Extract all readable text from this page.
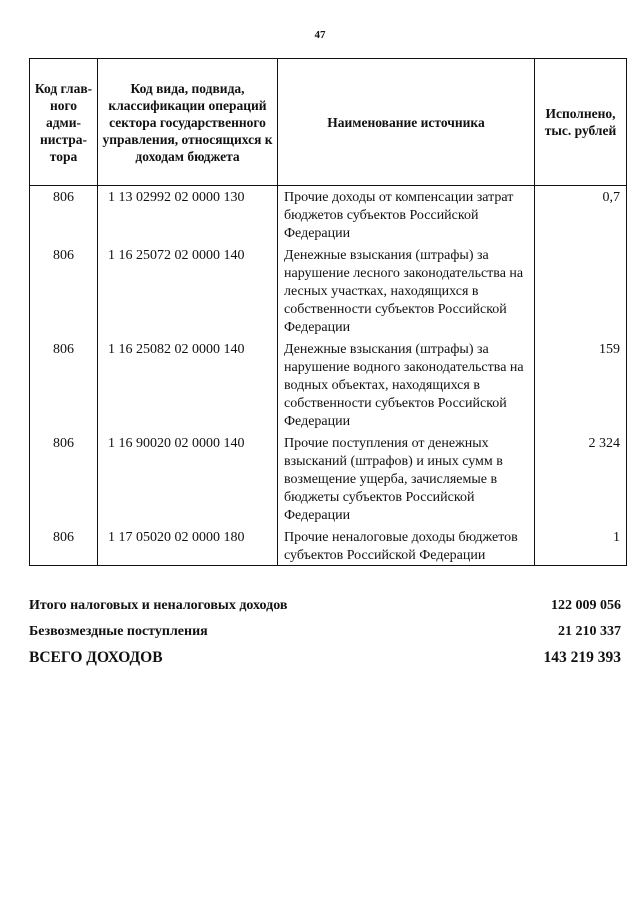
47
Код глав-ного адми-нистра-тора	Код вида, подвида, классификации операций сектора государственного управления, относящихся к доходам бюджета	Наименование источника	Исполнено, тыс. рублей
806	1 13 02992 02 0000 130	Прочие доходы от компенсации затрат бюджетов субъектов Российской Федерации	0,7
806	1 16 25072 02 0000 140	Денежные взыскания (штрафы) за нарушение лесного законодательства на лесных участках, находящихся в собственности субъектов Российской Федерации	
806	1 16 25082 02 0000 140	Денежные взыскания (штрафы) за нарушение водного законодательства на водных объектах, находящихся в собственности субъектов Российской Федерации	159
806	1 16 90020 02 0000 140	Прочие поступления от денежных взысканий (штрафов) и иных сумм в возмещение ущерба, зачисляемые в бюджеты субъектов Российской Федерации	2 324
806	1 17 05020 02 0000 180	Прочие неналоговые доходы бюджетов субъектов Российской Федерации	1
Итого налоговых и неналоговых доходов	122 009 056
Безвозмездные поступления	21 210 337
ВСЕГО ДОХОДОВ	143 219 393
